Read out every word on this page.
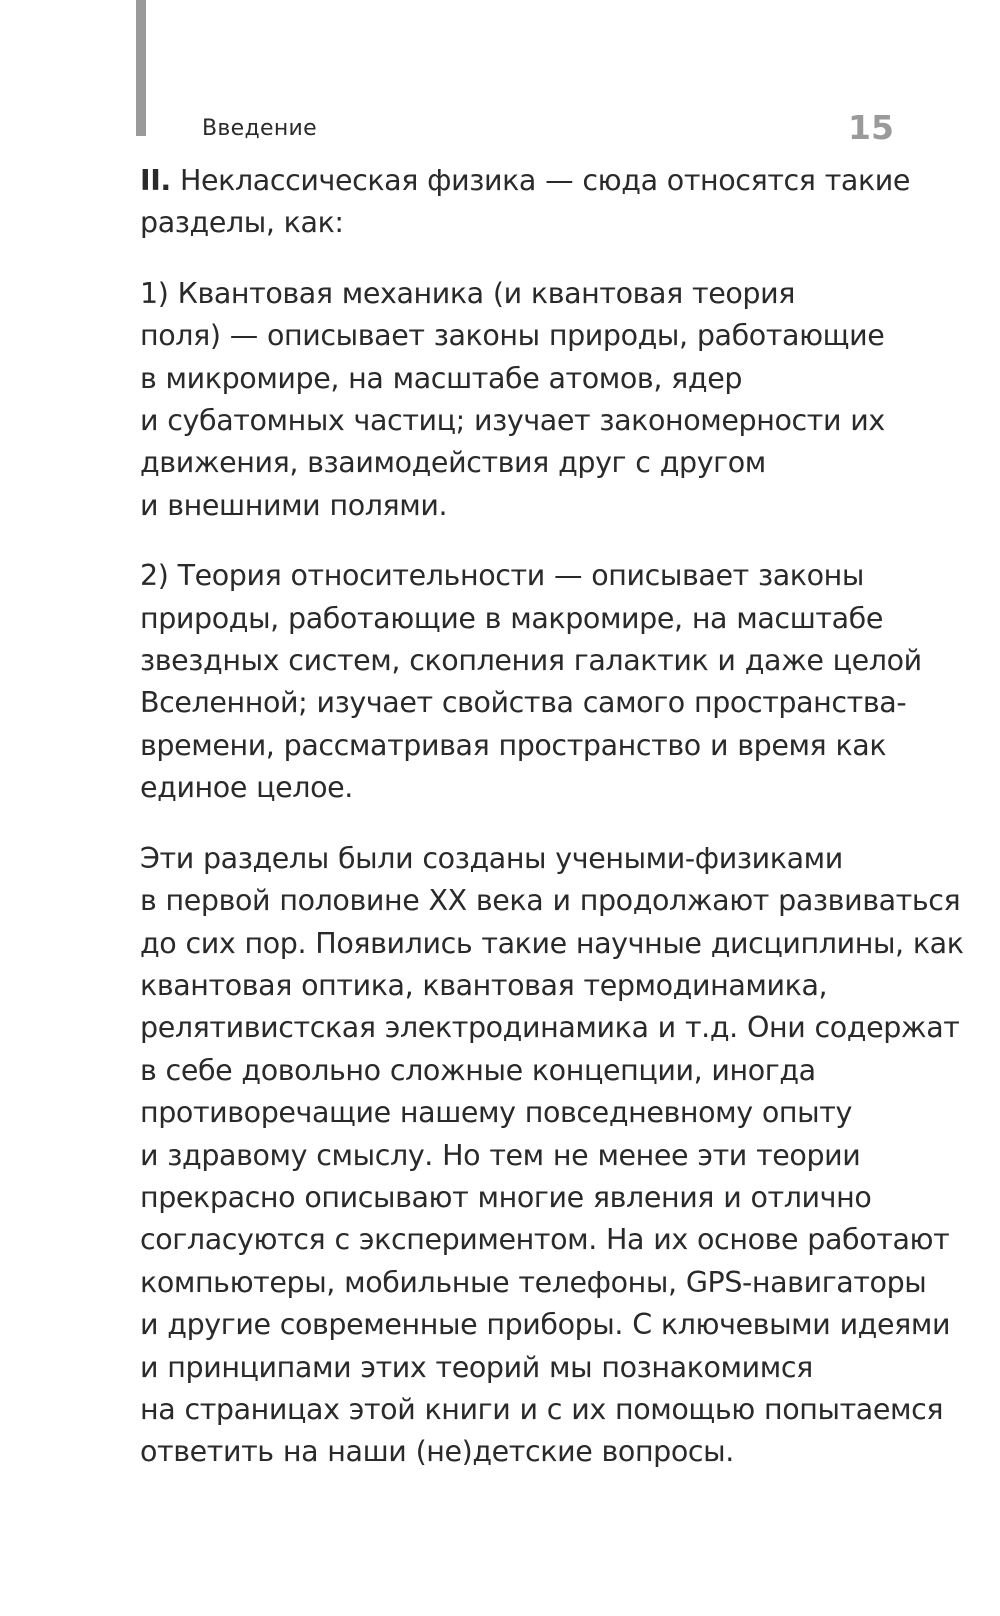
Введение	15

II. Неклассическая физика — сюда относятся такие
разделы, как:

1) Квантовая механика (и квантовая теория
поля) — описывает законы природы, работающие
в микромире, на масштабе атомов, ядер
и субатомных частиц; изучает закономерности их
движения, взаимодействия друг с другом
и внешними полями.

2) Теория относительности — описывает законы
природы, работающие в макромире, на масштабе
звездных систем, скопления галактик и даже целой
Вселенной; изучает свойства самого пространства-
времени, рассматривая пространство и время как
единое целое.

Эти разделы были созданы учеными-физиками
в первой половине XX века и продолжают развиваться
до сих пор. Появились такие научные дисциплины, как
квантовая оптика, квантовая термодинамика,
релятивистская электродинамика и т.д. Они содержат
в себе довольно сложные концепции, иногда
противоречащие нашему повседневному опыту
и здравому смыслу. Но тем не менее эти теории
прекрасно описывают многие явления и отлично
согласуются с экспериментом. На их основе работают
компьютеры, мобильные телефоны, GPS-навигаторы
и другие современные приборы. С ключевыми идеями
и принципами этих теорий мы познакомимся
на страницах этой книги и с их помощью попытаемся
ответить на наши (не)детские вопросы.
